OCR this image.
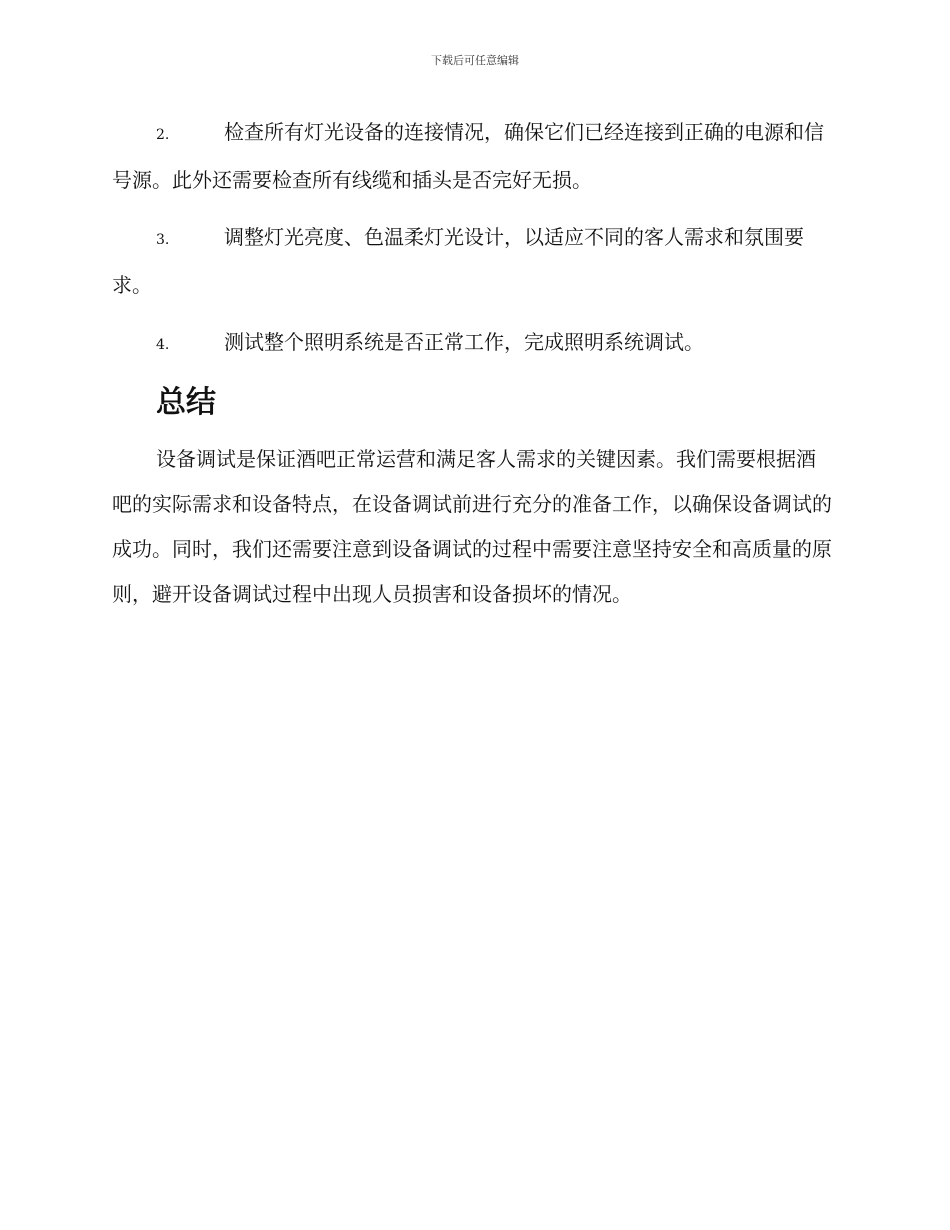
下载后可任意编辑

2.	检查所有灯光设备的连接情况，确保它们已经连接到正确的电源和信号源。此外还需要检查所有线缆和插头是否完好无损。

3.	调整灯光亮度、色温柔灯光设计，以适应不同的客人需求和氛围要求。

4.	测试整个照明系统是否正常工作，完成照明系统调试。

总结

设备调试是保证酒吧正常运营和满足客人需求的关键因素。我们需要根据酒吧的实际需求和设备特点，在设备调试前进行充分的准备工作，以确保设备调试的成功。同时，我们还需要注意到设备调试的过程中需要注意坚持安全和高质量的原则，避开设备调试过程中出现人员损害和设备损坏的情况。
